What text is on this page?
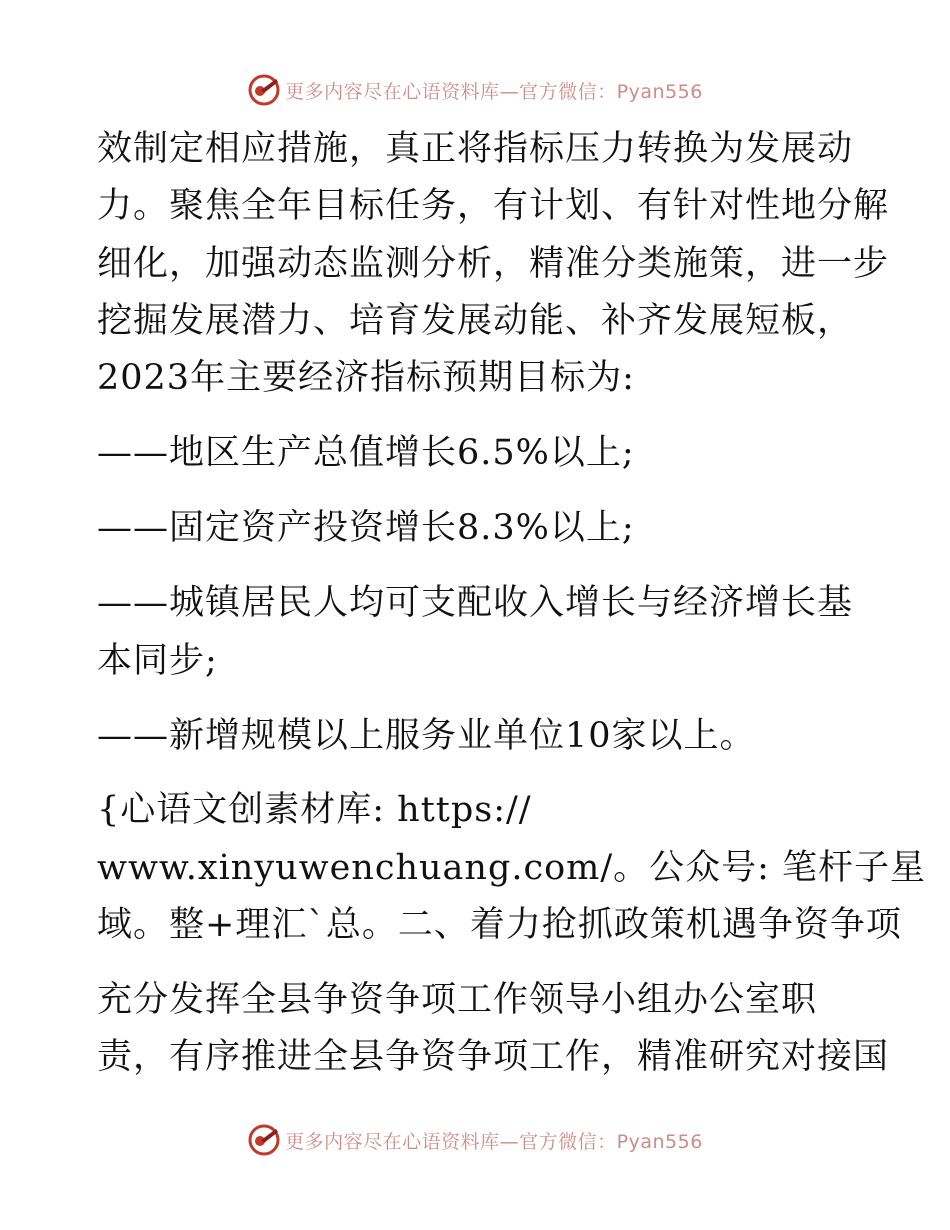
更多内容尽在心语资料库—官方微信：Pyan556
效制定相应措施，真正将指标压力转换为发展动
力。聚焦全年目标任务，有计划、有针对性地分解
细化，加强动态监测分析，精准分类施策，进一步
挖掘发展潜力、培育发展动能、补齐发展短板，
2023年主要经济指标预期目标为:
——地区生产总值增长6.5%以上;
——固定资产投资增长8.3%以上;
——城镇居民人均可支配收入增长与经济增长基
本同步;
——新增规模以上服务业单位10家以上。
{心语文创素材库: https://
www.xinyuwenchuang.com/。公众号: 笔杆子星
域。整+理汇`总。二、着力抢抓政策机遇争资争项
充分发挥全县争资争项工作领导小组办公室职
责，有序推进全县争资争项工作，精准研究对接国
更多内容尽在心语资料库—官方微信：Pyan556
